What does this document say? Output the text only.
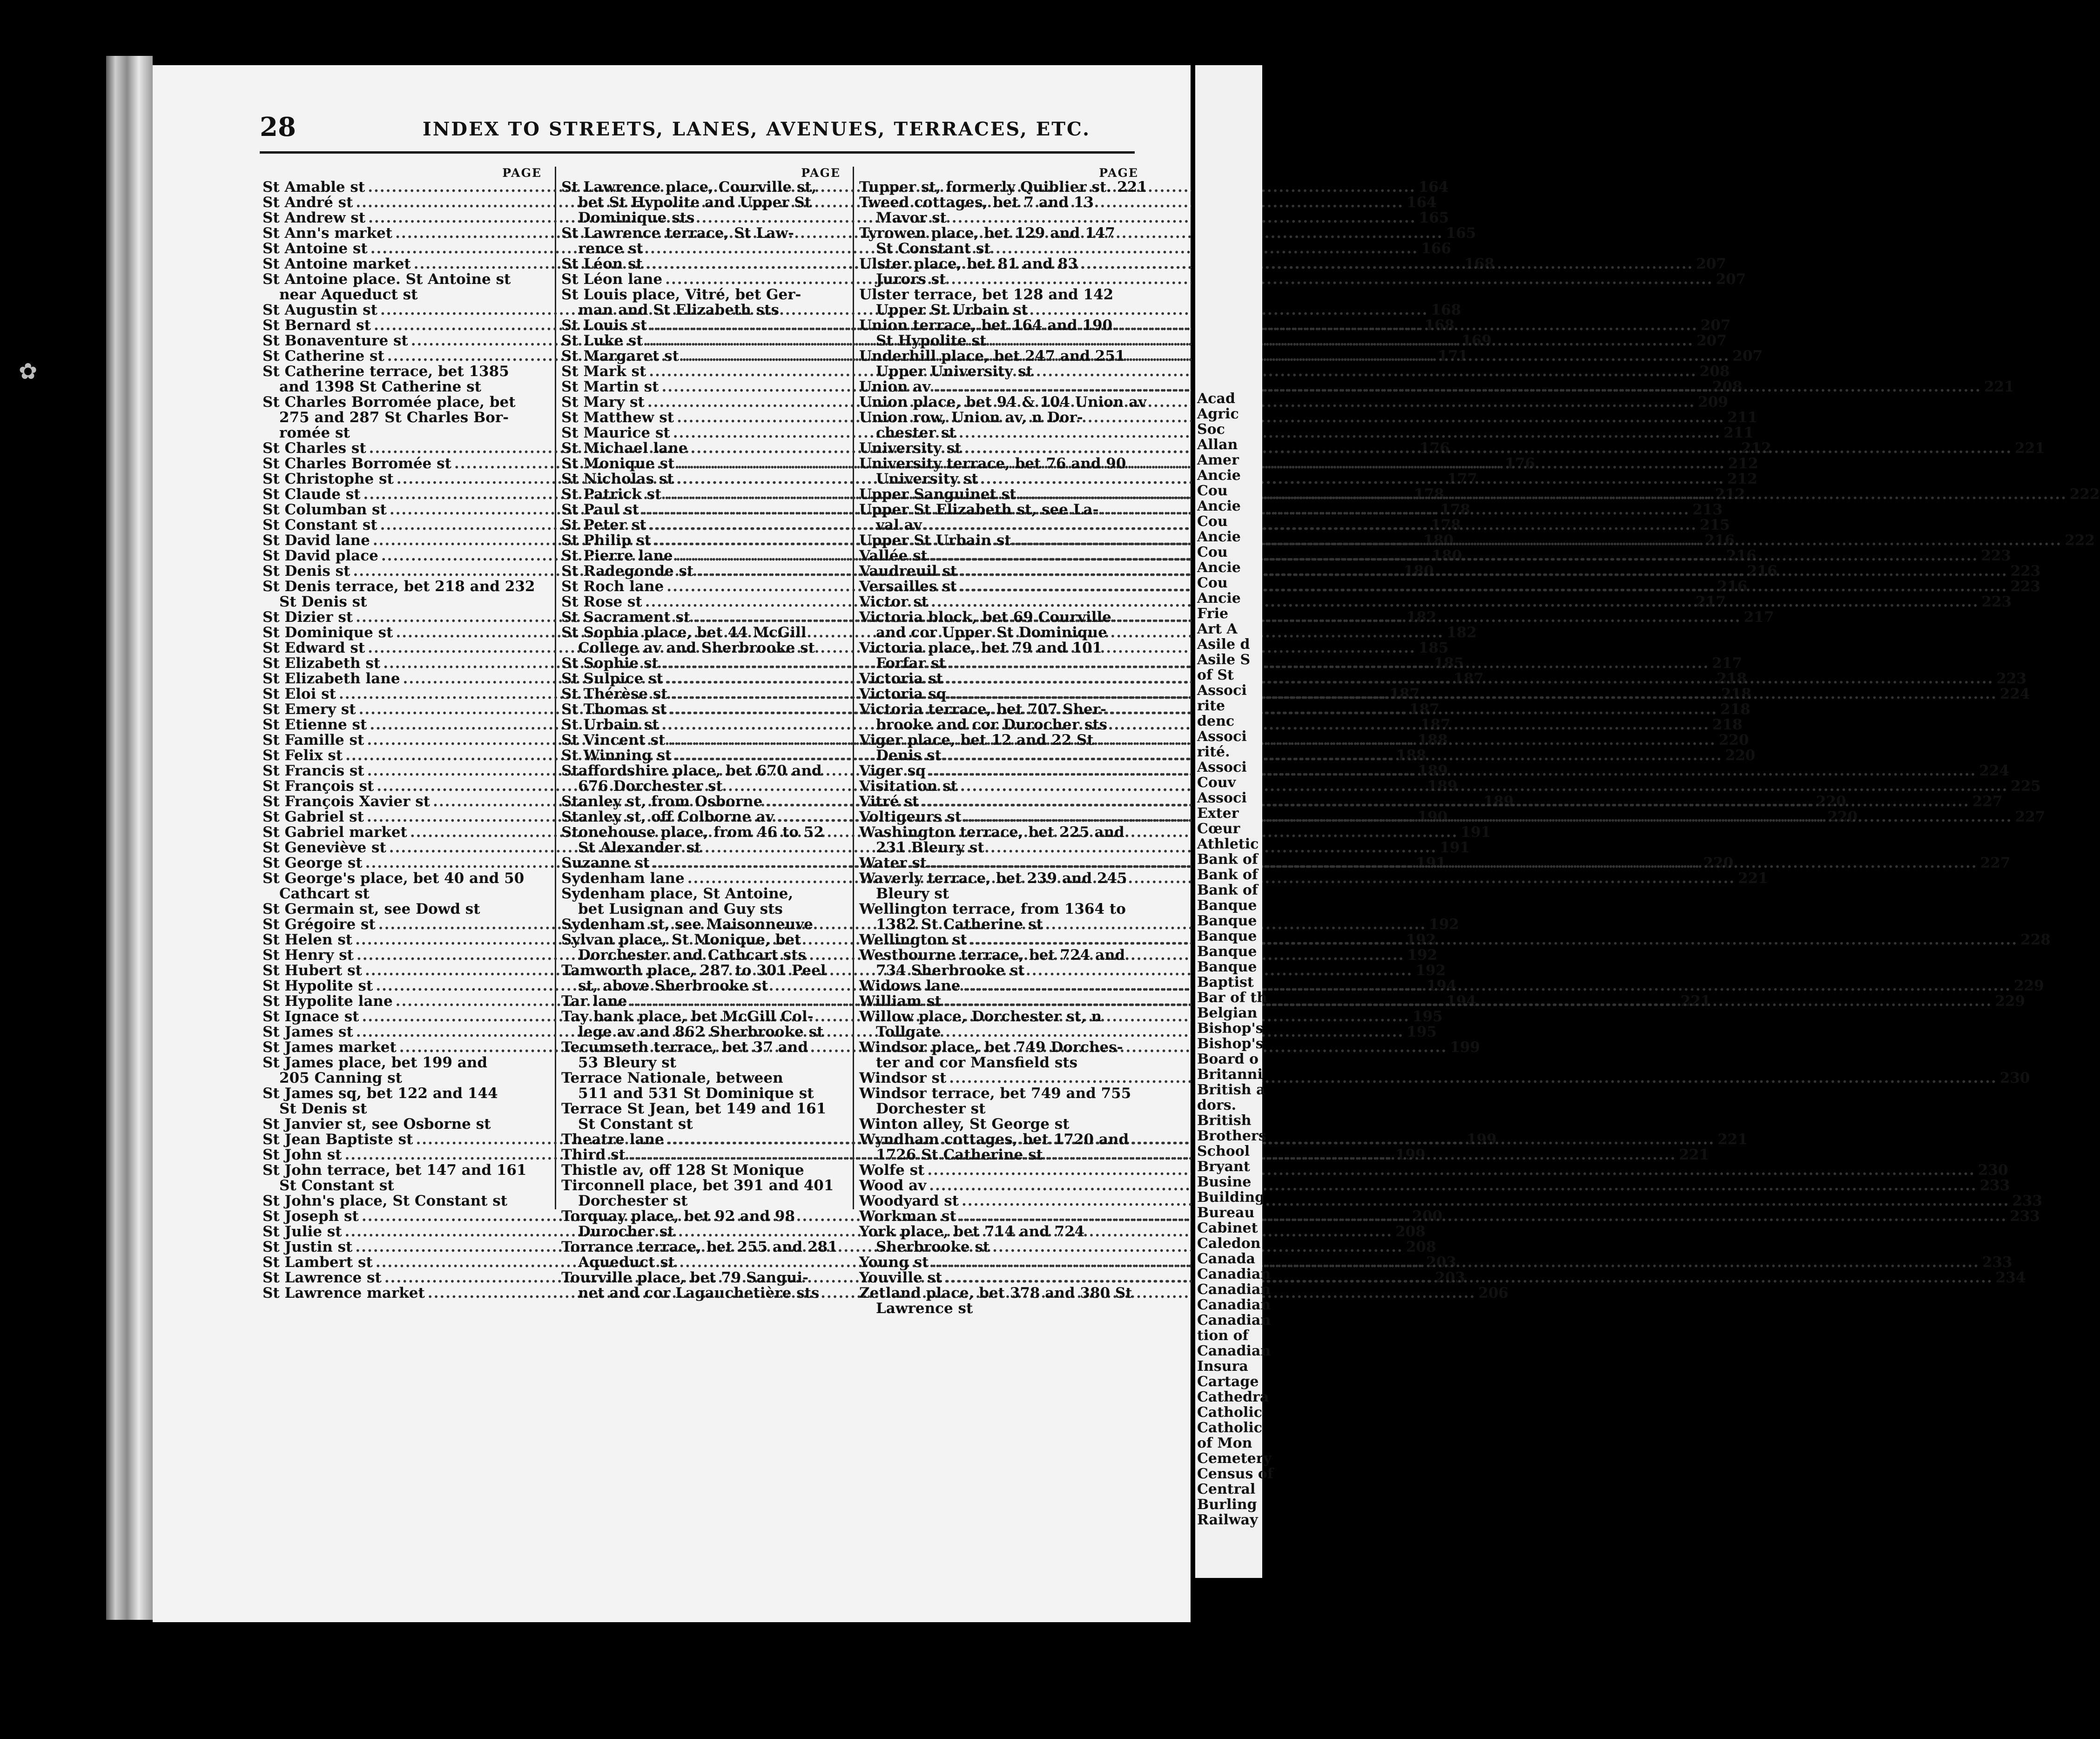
✿
28	INDEX TO STREETS, LANES, AVENUES, TERRACES, ETC.
PAGE
St Amable st .....	164
St André st .....	164
St Andrew st .....	165
St Ann's market .....	165
St Antoine st .....	166
St Antoine market .....	168
St Antoine place. St Antoine st
near Aqueduct st
St Augustin st .....	168
St Bernard st .....	168
St Bonaventure st .....	169
St Catherine st .....	171
St Catherine terrace, bet 1385
and 1398 St Catherine st
St Charles Borromée place, bet
275 and 287 St Charles Bor-
romée st
St Charles st .....	176
St Charles Borromée st .....	176
St Christophe st .....	177
St Claude st .....	178
St Columban st .....	178
St Constant st .....	178
St David lane .....	180
St David place .....	180
St Denis st .....	180
St Denis terrace, bet 218 and 232
St Denis st
St Dizier st .....	182
St Dominique st .....	182
St Edward st .....	185
St Elizabeth st .....	185
St Elizabeth lane .....	187
St Eloi st .....	187
St Emery st .....	187
St Etienne st .....	187
St Famille st .....	188
St Felix st .....	188
St Francis st .....	189
St François st .....	189
St François Xavier st .....	189
St Gabriel st .....	190
St Gabriel market .....	191
St Geneviève st .....	191
St George st .....	191
St George's place, bet 40 and 50
Cathcart st
St Germain st, see Dowd st
St Grégoire st .....	192
St Helen st .....	192
St Henry st .....	192
St Hubert st .....	192
St Hypolite st .....	194
St Hypolite lane .....	194
St Ignace st .....	195
St James st .....	195
St James market .....	199
St James place, bet 199 and
205 Canning st
St James sq, bet 122 and 144
St Denis st
St Janvier st, see Osborne st
St Jean Baptiste st .....	199
St John st .....	199
St John terrace, bet 147 and 161
St Constant st
St John's place, St Constant st
St Joseph st .....	200
St Julie st .....	208
St Justin st .....	208
St Lambert st .....	203
St Lawrence st .....	203
St Lawrence market .....	206
PAGE
St Lawrence place, Courville st,
bet St Hypolite and Upper St
Dominique sts
St Lawrence terrace, St Law-
rence st
St Léon st .....	207
St Léon lane .....	207
St Louis place, Vitré, bet Ger-
man and St Elizabeth sts
St Louis st .....	207
St Luke st .....	207
St Margaret st .....	207
St Mark st .....	208
St Martin st .....	208
St Mary st .....	209
St Matthew st .....	211
St Maurice st .....	211
St Michael lane .....	212
St Monique st .....	212
St Nicholas st .....	212
St Patrick st .....	212
St Paul st .....	213
St Peter st .....	215
St Philip st .....	216
St Pierre lane .....	216
St Radegonde st .....	216
St Roch lane .....	216
St Rose st .....	217
St Sacrament st .....	217
St Sophia place, bet 44 McGill
College av and Sherbrooke st
St Sophie st .....	217
St Sulpice st .....	218
St Thérèse st .....	218
St Thomas st .....	218
St Urbain st .....	218
St Vincent st .....	220
St Winning st .....	220
Staffordshire place, bet 670 and
676 Dorchester st
Stanley st, from Osborne .....	220
Stanley st, off Colborne av .....	220
Stonehouse place, from 46 to 52
St Alexander st
Suzanne st .....	220
Sydenham lane .....	221
Sydenham place, St Antoine,
bet Lusignan and Guy sts
Sydenham st, see Maisonneuve
Sylvan place, St Monique, bet
Dorchester and Cathcart sts
Tamworth place, 287 to 301 Peel
st, above Sherbrooke st
Tar lane .....	221
Tay bank place, bet McGill Col-
lege av and 862 Sherbrooke st
Tecumseth terrace, bet 37 and
53 Bleury st
Terrace Nationale, between
511 and 531 St Dominique st
Terrace St Jean, bet 149 and 161
St Constant st
Theatre lane .....	221
Third st .....	221
Thistle av, off 128 St Monique
Tirconnell place, bet 391 and 401
Dorchester st
Torquay place, bet 92 and 98
Durocher st
Torrance terrace, bet 255 and 281
Aqueduct st
Tourville place, bet 79 Sangui-
net and cor Lagauchetière sts
PAGE
Tupper st, formerly Quiblier st. 221
Tweed cottages, bet 7 and 13
Mavor st
Tyrowen place, bet 129 and 147
St Constant st
Ulster place, bet 81 and 83
Jurors st
Ulster terrace, bet 128 and 142
Upper St Urbain st
Union terrace, bet 164 and 190
St Hypolite st
Underhill place, bet 247 and 251
Upper University st
Union av .....	221
Union place, bet 94 & 104 Union av
Union row, Union av, n Dor-
chester st
University st .....	221
University terrace, bet 76 and 90
University st
Upper Sanguinet st .....	222
Upper St Elizabeth st, see La-
val av
Upper St Urbain st .....	222
Vallée st .....	223
Vaudreuil st .....	223
Versailles st .....	223
Victor st .....	223
Victoria block, bet 69 Courville
and cor Upper St Dominique
Victoria place, bet 79 and 101
Forfar st
Victoria st .....	223
Victoria sq .....	224
Victoria terrace, bet 707 Sher-
brooke and cor Durocher sts
Viger place, bet 12 and 22 St
Denis st
Viger sq .....	224
Visitation st .....	225
Vitré st .....	227
Voltigeurs st .....	227
Washington terrace, bet 225 and
231 Bleury st
Water st .....	227
Waverly terrace, bet 239 and 245
Bleury st
Wellington terrace, from 1364 to
1382 St Catherine st
Wellington st .....	228
Westbourne terrace, bet 724 and
734 Sherbrooke st
Widows lane .....	229
William st .....	229
Willow place, Dorchester st, n
Tollgate
Windsor place, bet 749 Dorches-
ter and cor Mansfield sts
Windsor st .....	230
Windsor terrace, bet 749 and 755
Dorchester st
Winton alley, St George st
Wyndham cottages, bet 1720 and
1726 St Catherine st
Wolfe st .....	230
Wood av .....	233
Woodyard st .....	233
Workman st .....	233
York place, bet 714 and 724
Sherbrooke st
Young st .....	233
Youville st .....	234
Zetland place, bet 378 and 380 St
Lawrence st
Acad
Agric
Soc
Allan
Amer
Ancie
Cou
Ancie
Cou
Ancie
Cou
Ancie
Cou
Ancie
Frie
Art A
Asile d
Asile S
of St
Associ
rite
denc
Associ
rité.
Associ
Couv
Associ
Exter
Cœur
Athletic
Bank of
Bank of
Bank of
Banque
Banque
Banque
Banque
Banque
Baptist
Bar of th
Belgian
Bishop's
Bishop's
Board o
Britanni
British a
dors.
British
Brothers
School
Bryant
Busine
Building
Bureau
Cabinet
Caledon
Canada
Canadian
Canadian
Canadian
Canadian
tion of
Canadian
Insura
Cartage
Cathedra
Catholic
Catholic
of Mon
Cemetery
Census of
Central
Burling
Railway
